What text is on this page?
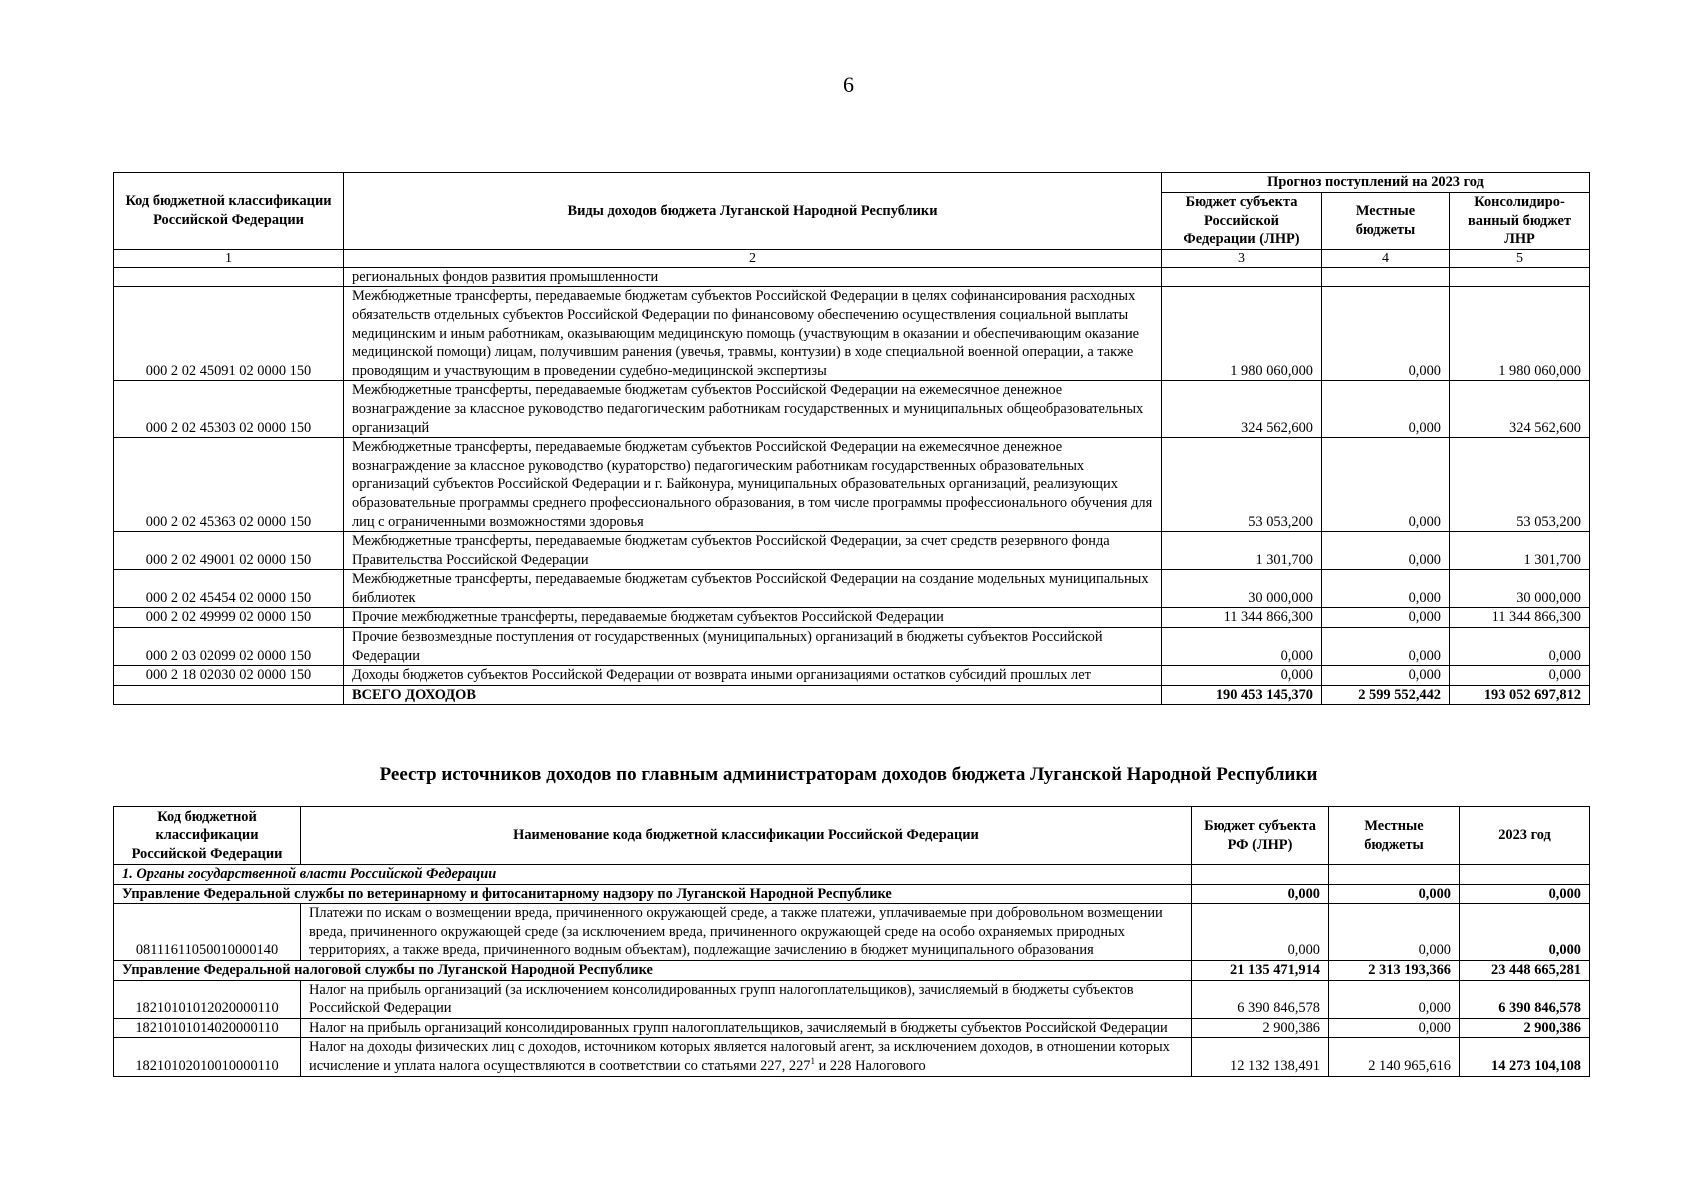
6
Код бюджетной классификации Российской Федерации	Виды доходов бюджета Луганской Народной Республики	Прогноз поступлений на 2023 год		
		Бюджет субъекта Российской Федерации (ЛНР)	Местные бюджеты	Консолидиро-ванный бюджет ЛНР
1	2	3	4	5
	региональных фондов развития промышленности			
000 2 02 45091 02 0000 150	Межбюджетные трансферты, передаваемые бюджетам субъектов Российской Федерации в целях софинансирования расходных обязательств отдельных субъектов Российской Федерации по финансовому обеспечению осуществления социальной выплаты медицинским и иным работникам, оказывающим медицинскую помощь (участвующим в оказании и обеспечивающим оказание медицинской помощи) лицам, получившим ранения (увечья, травмы, контузии) в ходе специальной военной операции, а также проводящим и участвующим в проведении судебно-медицинской экспертизы	1 980 060,000	0,000	1 980 060,000
000 2 02 45303 02 0000 150	Межбюджетные трансферты, передаваемые бюджетам субъектов Российской Федерации на ежемесячное денежное вознаграждение за классное руководство педагогическим работникам государственных и муниципальных общеобразовательных организаций	324 562,600	0,000	324 562,600
000 2 02 45363 02 0000 150	Межбюджетные трансферты, передаваемые бюджетам субъектов Российской Федерации на ежемесячное денежное вознаграждение за классное руководство (кураторство) педагогическим работникам государственных образовательных организаций субъектов Российской Федерации и г. Байконура, муниципальных образовательных организаций, реализующих образовательные программы среднего профессионального образования, в том числе программы профессионального обучения для лиц с ограниченными возможностями здоровья	53 053,200	0,000	53 053,200
000 2 02 49001 02 0000 150	Межбюджетные трансферты, передаваемые бюджетам субъектов Российской Федерации, за счет средств резервного фонда Правительства Российской Федерации	1 301,700	0,000	1 301,700
000 2 02 45454 02 0000 150	Межбюджетные трансферты, передаваемые бюджетам субъектов Российской Федерации на создание модельных муниципальных библиотек	30 000,000	0,000	30 000,000
000 2 02 49999 02 0000 150	Прочие межбюджетные трансферты, передаваемые бюджетам субъектов Российской Федерации	11 344 866,300	0,000	11 344 866,300
000 2 03 02099 02 0000 150	Прочие безвозмездные поступления от государственных (муниципальных) организаций в бюджеты субъектов Российской Федерации	0,000	0,000	0,000
000 2 18 02030 02 0000 150	Доходы бюджетов субъектов Российской Федерации от возврата иными организациями остатков субсидий прошлых лет	0,000	0,000	0,000
	ВСЕГО ДОХОДОВ	190 453 145,370	2 599 552,442	193 052 697,812
Реестр источников доходов по главным администраторам доходов бюджета Луганской Народной Республики
Код бюджетной классификации Российской Федерации	Наименование кода бюджетной классификации Российской Федерации	Бюджет субъекта РФ (ЛНР)	Местные бюджеты	2023 год
1. Органы государственной власти Российской Федерации				
Управление Федеральной службы по ветеринарному и фитосанитарному надзору по Луганской Народной Республике		0,000	0,000	0,000
08111611050010000140	Платежи по искам о возмещении вреда, причиненного окружающей среде, а также платежи, уплачиваемые при добровольном возмещении вреда, причиненного окружающей среде (за исключением вреда, причиненного окружающей среде на особо охраняемых природных территориях, а также вреда, причиненного водным объектам), подлежащие зачислению в бюджет муниципального образования	0,000	0,000	0,000
Управление Федеральной налоговой службы по Луганской Народной Республике		21 135 471,914	2 313 193,366	23 448 665,281
18210101012020000110	Налог на прибыль организаций (за исключением консолидированных групп налогоплательщиков), зачисляемый в бюджеты субъектов Российской Федерации	6 390 846,578	0,000	6 390 846,578
18210101014020000110	Налог на прибыль организаций консолидированных групп налогоплательщиков, зачисляемый в бюджеты субъектов Российской Федерации	2 900,386	0,000	2 900,386
18210102010010000110	Налог на доходы физических лиц с доходов, источником которых является налоговый агент, за исключением доходов, в отношении которых исчисление и уплата налога осуществляются в соответствии со статьями 227, $227^1$ и 228 Налогового	12 132 138,491	2 140 965,616	14 273 104,108
